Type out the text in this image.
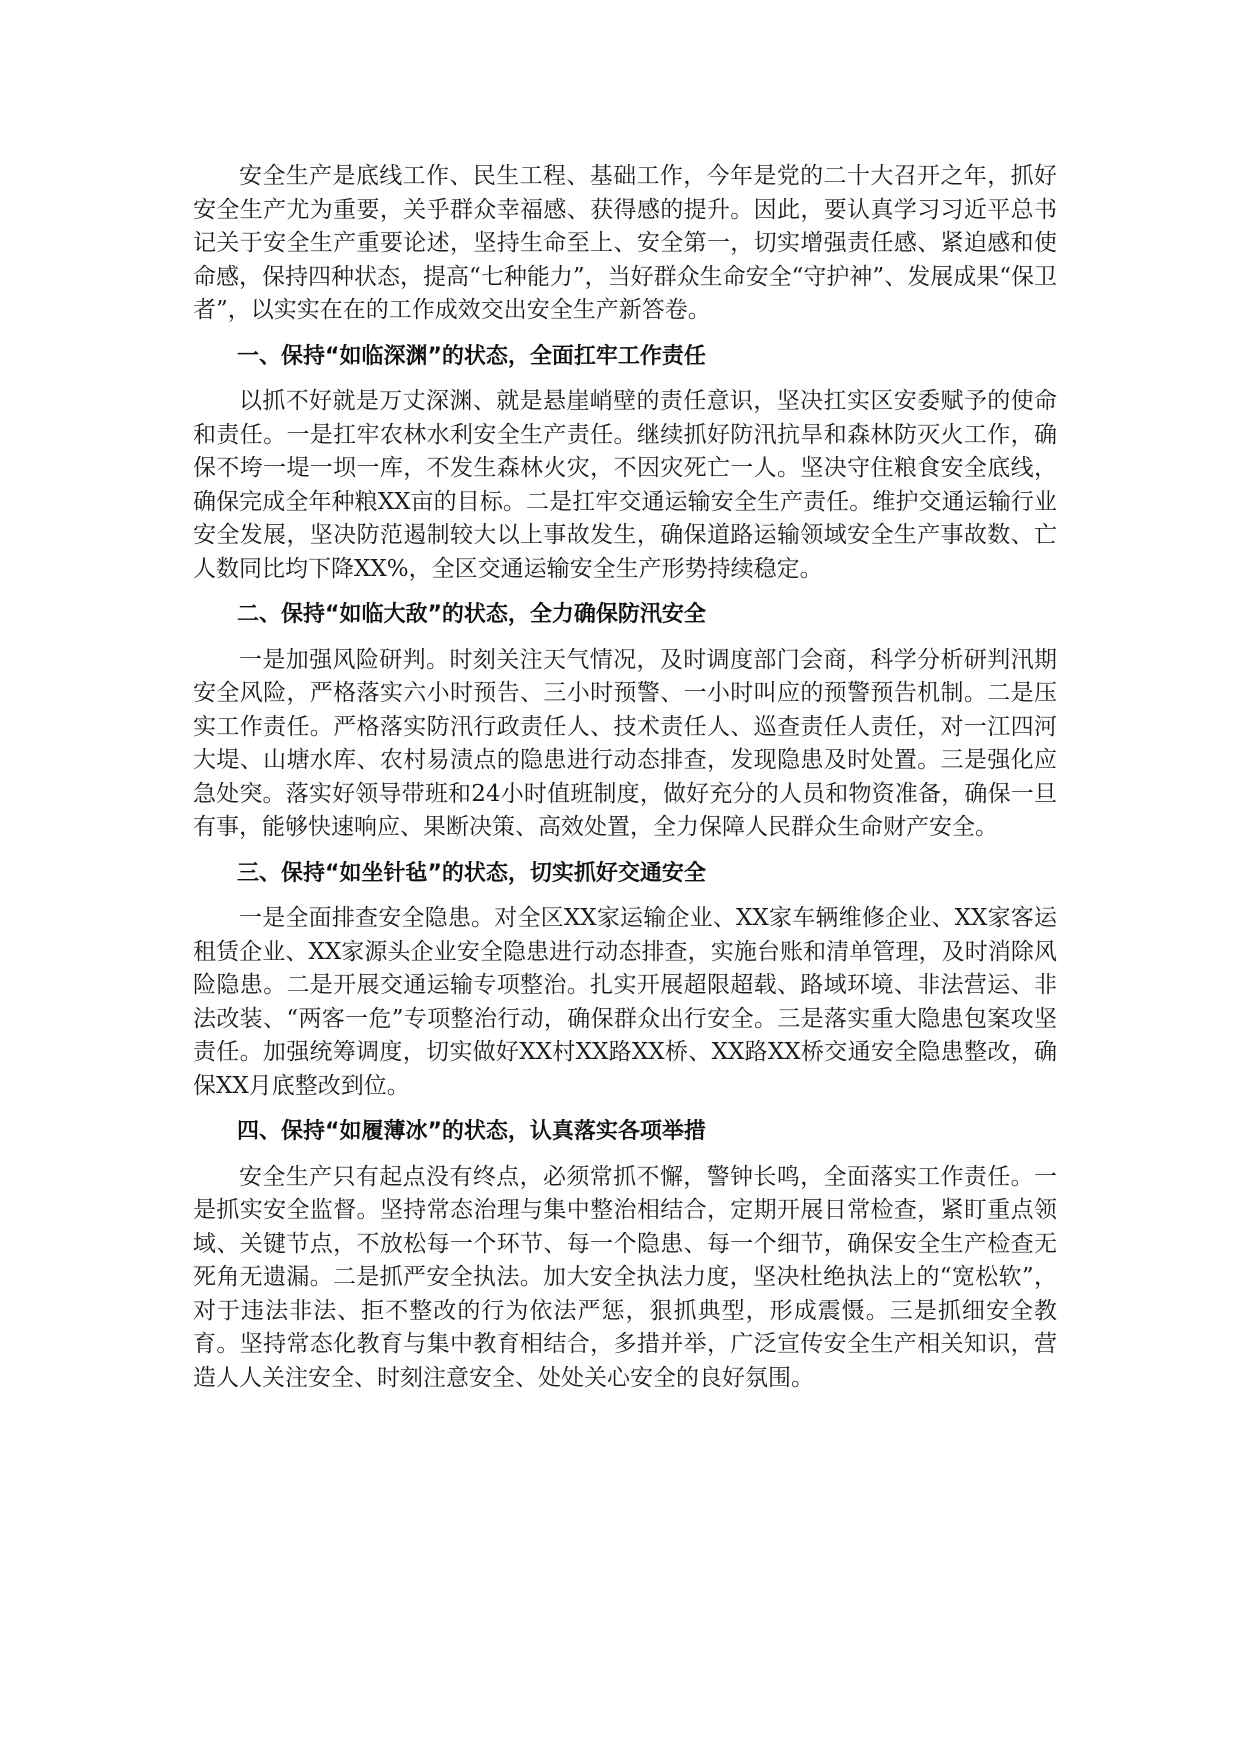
安全生产是底线工作、民生工程、基础工作，今年是党的二十大召开之年，抓好安全生产尤为重要，关乎群众幸福感、获得感的提升。因此，要认真学习习近平总书记关于安全生产重要论述，坚持生命至上、安全第一，切实增强责任感、紧迫感和使命感，保持四种状态，提高“七种能力”，当好群众生命安全“守护神”、发展成果“保卫者”，以实实在在的工作成效交出安全生产新答卷。

一、保持“如临深渊”的状态，全面扛牢工作责任

以抓不好就是万丈深渊、就是悬崖峭壁的责任意识，坚决扛实区安委赋予的使命和责任。一是扛牢农林水利安全生产责任。继续抓好防汛抗旱和森林防灭火工作，确保不垮一堤一坝一库，不发生森林火灾，不因灾死亡一人。坚决守住粮食安全底线，确保完成全年种粮XX亩的目标。二是扛牢交通运输安全生产责任。维护交通运输行业安全发展，坚决防范遏制较大以上事故发生，确保道路运输领域安全生产事故数、亡人数同比均下降XX%，全区交通运输安全生产形势持续稳定。

二、保持“如临大敌”的状态，全力确保防汛安全

一是加强风险研判。时刻关注天气情况，及时调度部门会商，科学分析研判汛期安全风险，严格落实六小时预告、三小时预警、一小时叫应的预警预告机制。二是压实工作责任。严格落实防汛行政责任人、技术责任人、巡查责任人责任，对一江四河大堤、山塘水库、农村易渍点的隐患进行动态排查，发现隐患及时处置。三是强化应急处突。落实好领导带班和24小时值班制度，做好充分的人员和物资准备，确保一旦有事，能够快速响应、果断决策、高效处置，全力保障人民群众生命财产安全。

三、保持“如坐针毡”的状态，切实抓好交通安全

一是全面排查安全隐患。对全区XX家运输企业、XX家车辆维修企业、XX家客运租赁企业、XX家源头企业安全隐患进行动态排查，实施台账和清单管理，及时消除风险隐患。二是开展交通运输专项整治。扎实开展超限超载、路域环境、非法营运、非法改装、“两客一危”专项整治行动，确保群众出行安全。三是落实重大隐患包案攻坚责任。加强统筹调度，切实做好XX村XX路XX桥、XX路XX桥交通安全隐患整改，确保XX月底整改到位。

四、保持“如履薄冰”的状态，认真落实各项举措

安全生产只有起点没有终点，必须常抓不懈，警钟长鸣，全面落实工作责任。一是抓实安全监督。坚持常态治理与集中整治相结合，定期开展日常检查，紧盯重点领域、关键节点，不放松每一个环节、每一个隐患、每一个细节，确保安全生产检查无死角无遗漏。二是抓严安全执法。加大安全执法力度，坚决杜绝执法上的“宽松软”，对于违法非法、拒不整改的行为依法严惩，狠抓典型，形成震慑。三是抓细安全教育。坚持常态化教育与集中教育相结合，多措并举，广泛宣传安全生产相关知识，营造人人关注安全、时刻注意安全、处处关心安全的良好氛围。
